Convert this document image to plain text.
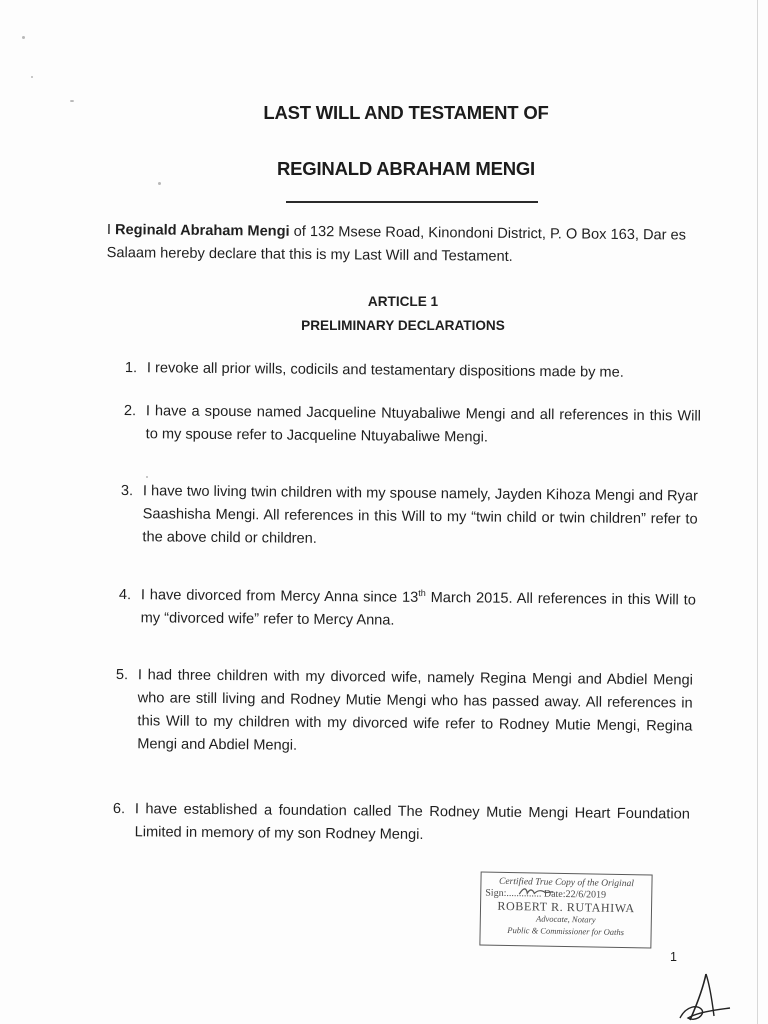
LAST WILL AND TESTAMENT OF
REGINALD ABRAHAM MENGI
I Reginald Abraham Mengi of 132 Msese Road, Kinondoni District, P. O Box 163, Dar es Salaam hereby declare that this is my Last Will and Testament.
ARTICLE 1
PRELIMINARY DECLARATIONS
1. I revoke all prior wills, codicils and testamentary dispositions made by me.
2. I have a spouse named Jacqueline Ntuyabaliwe Mengi and all references in this Will to my spouse refer to Jacqueline Ntuyabaliwe Mengi.
3. I have two living twin children with my spouse namely, Jayden Kihoza Mengi and Ryar Saashisha Mengi. All references in this Will to my “twin child or twin children” refer to the above child or children.
4. I have divorced from Mercy Anna since 13th March 2015. All references in this Will to my “divorced wife” refer to Mercy Anna.
5. I had three children with my divorced wife, namely Regina Mengi and Abdiel Mengi who are still living and Rodney Mutie Mengi who has passed away. All references in this Will to my children with my divorced wife refer to Rodney Mutie Mengi, Regina Mengi and Abdiel Mengi.
6. I have established a foundation called The Rodney Mutie Mengi Heart Foundation Limited in memory of my son Rodney Mengi.
Certified True Copy of the Original
Sign:.............. Date:22/6/2019
ROBERT R. RUTAHIWA
Advocate, Notary
Public & Commissioner for Oaths
1
